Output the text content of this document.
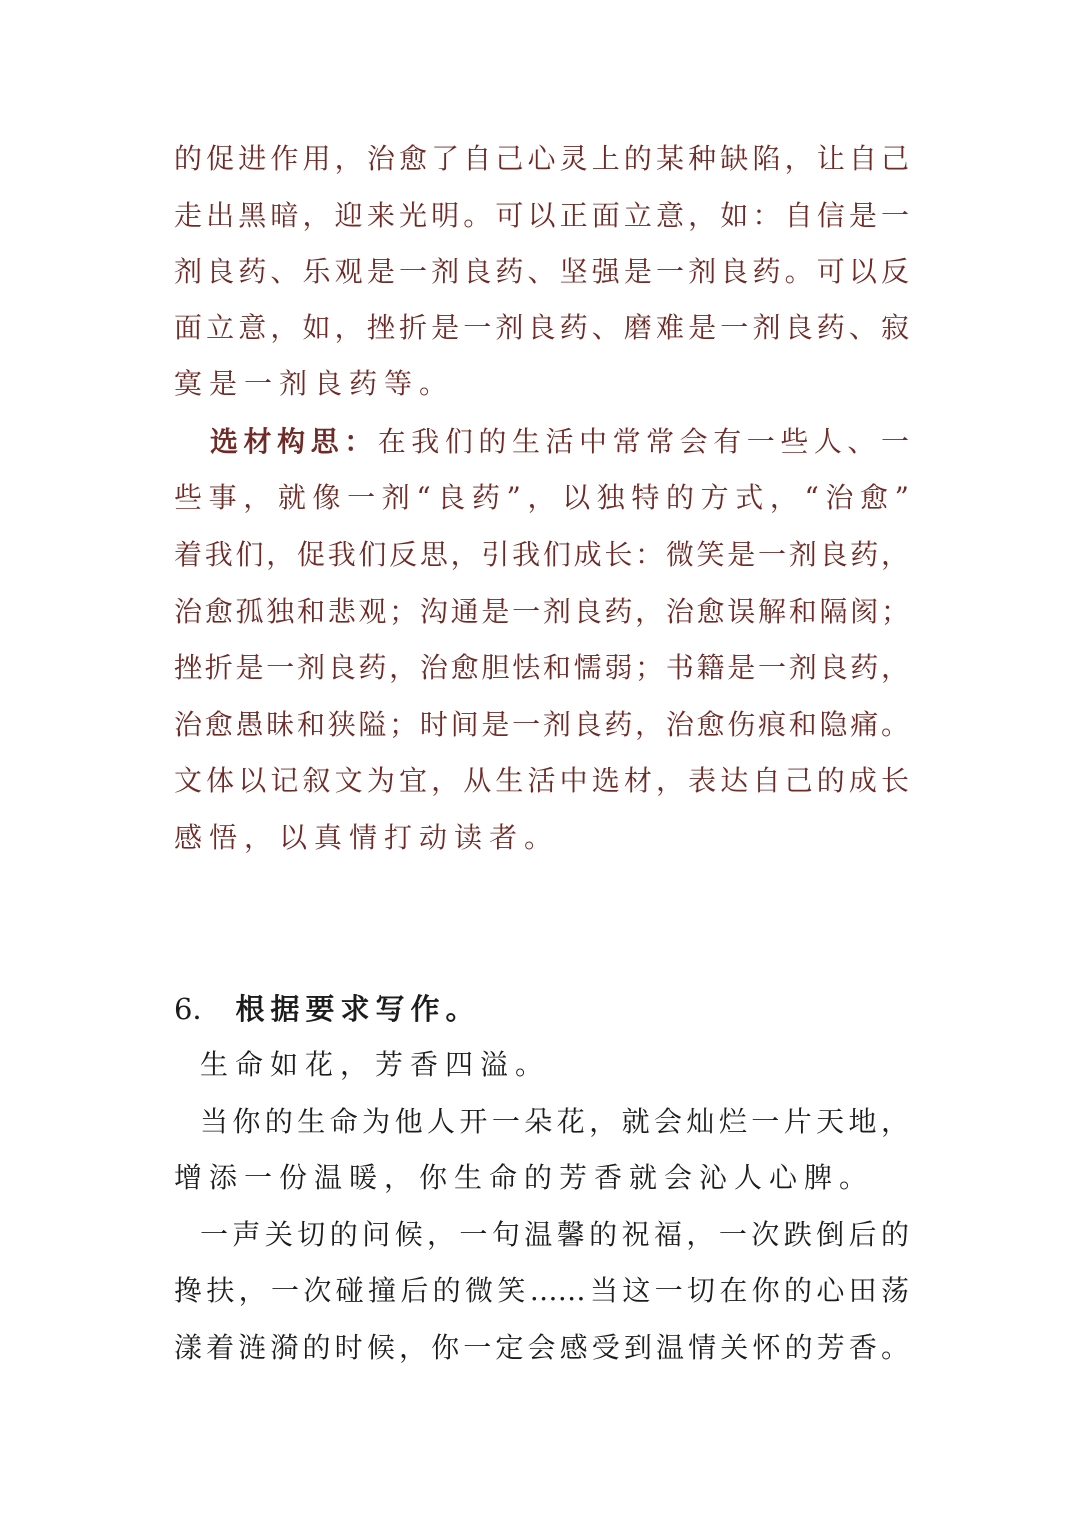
的促进作用，治愈了自己心灵上的某种缺陷，让自己
走出黑暗，迎来光明。可以正面立意，如：自信是一
剂良药、乐观是一剂良药、坚强是一剂良药。可以反
面立意，如，挫折是一剂良药、磨难是一剂良药、寂
寞是一剂良药等。
选材构思：在我们的生活中常常会有一些人、一
些事，就像一剂“良药”，以独特的方式，“治愈”
着我们，促我们反思，引我们成长：微笑是一剂良药，
治愈孤独和悲观；沟通是一剂良药，治愈误解和隔阂；
挫折是一剂良药，治愈胆怯和懦弱；书籍是一剂良药，
治愈愚昧和狭隘；时间是一剂良药，治愈伤痕和隐痛。
文体以记叙文为宜，从生活中选材，表达自己的成长
感悟，以真情打动读者。
6． 根据要求写作。
生命如花，芳香四溢。
当你的生命为他人开一朵花，就会灿烂一片天地，
增添一份温暖，你生命的芳香就会沁人心脾。
一声关切的问候，一句温馨的祝福，一次跌倒后的
搀扶，一次碰撞后的微笑……当这一切在你的心田荡
漾着涟漪的时候，你一定会感受到温情关怀的芳香。
